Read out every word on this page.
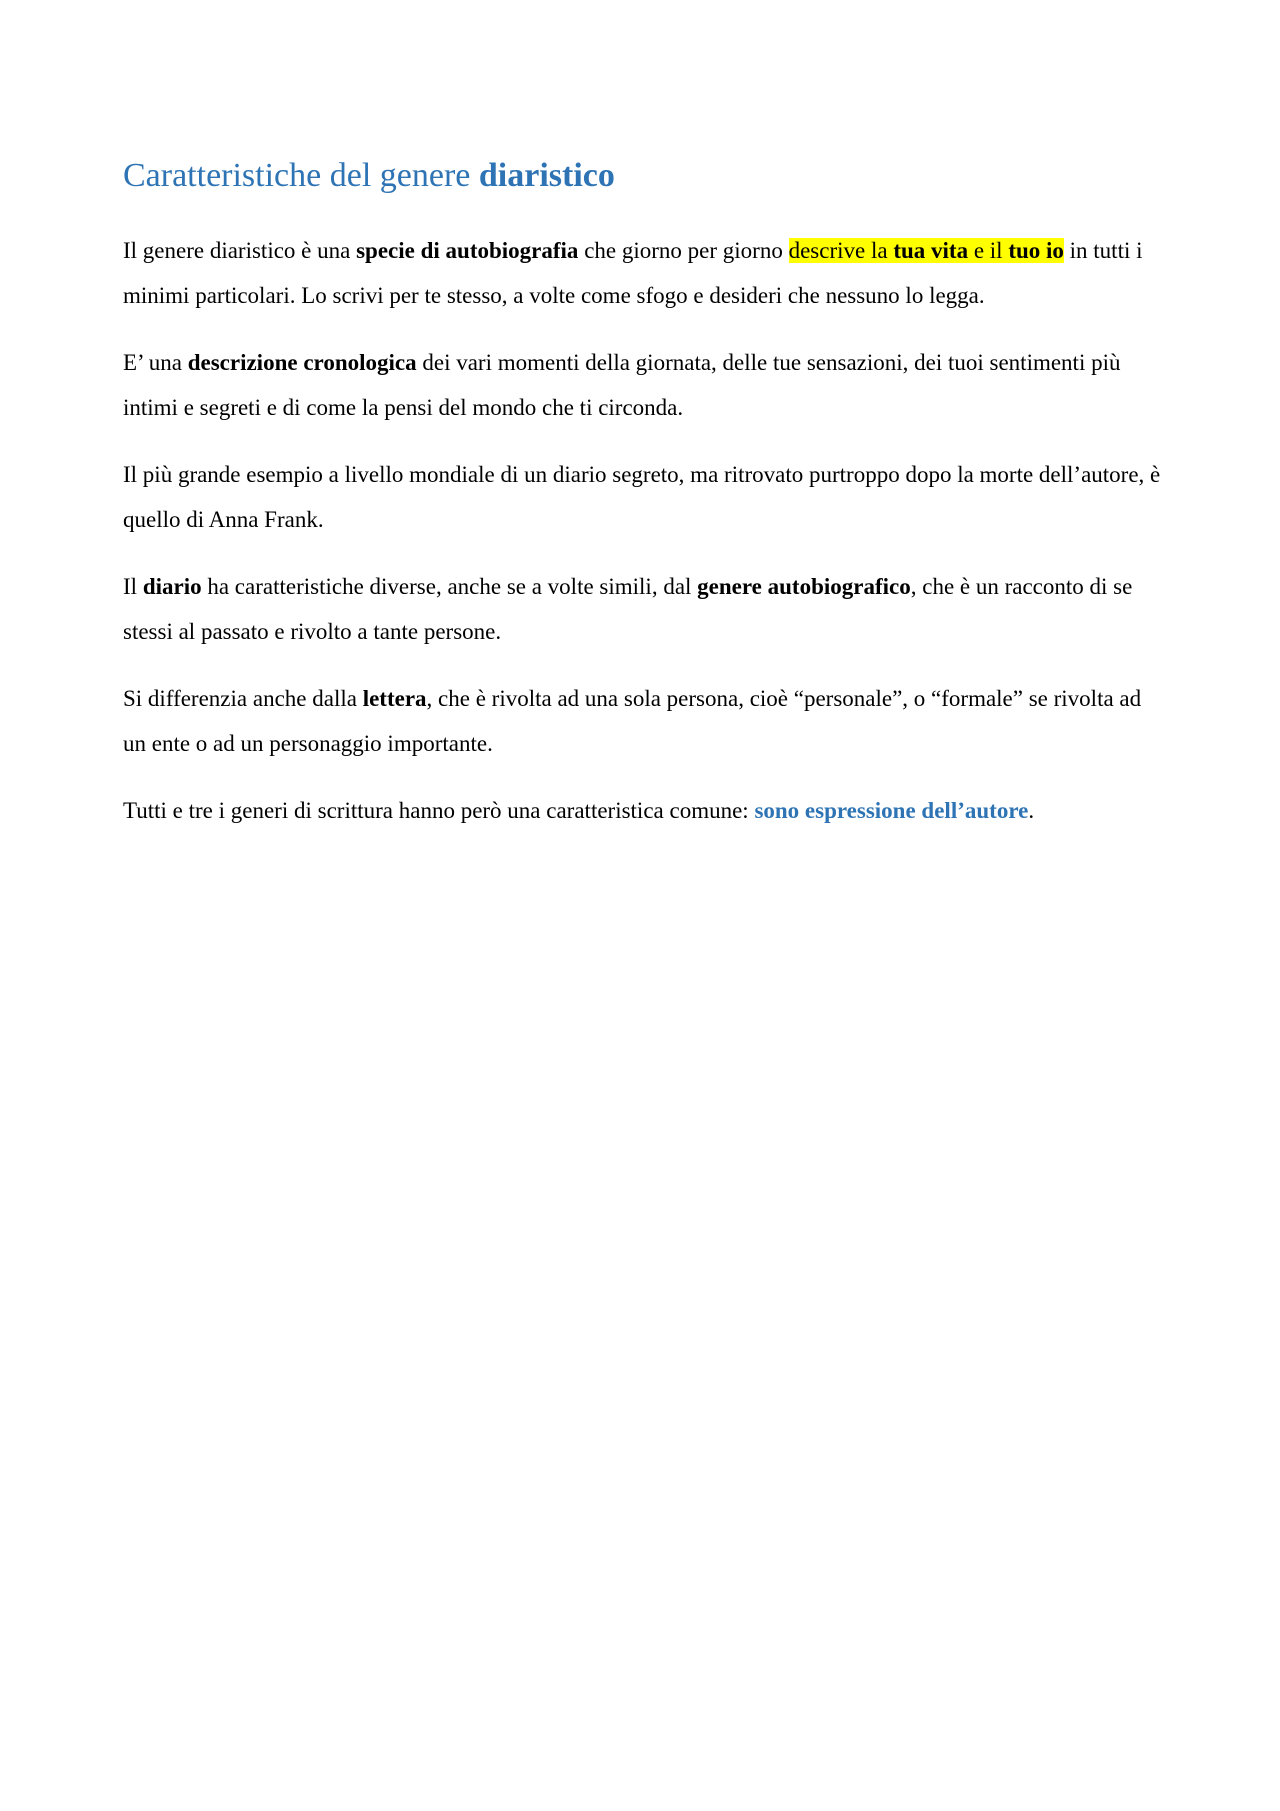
Caratteristiche del genere diaristico

Il genere diaristico è una specie di autobiografia che giorno per giorno descrive la tua vita e il tuo io in tutti i minimi particolari. Lo scrivi per te stesso, a volte come sfogo e desideri che nessuno lo legga.

E’ una descrizione cronologica dei vari momenti della giornata, delle tue sensazioni, dei tuoi sentimenti più intimi e segreti e di come la pensi del mondo che ti circonda.

Il più grande esempio a livello mondiale di un diario segreto, ma ritrovato purtroppo dopo la morte dell’autore, è quello di Anna Frank.

Il diario ha caratteristiche diverse, anche se a volte simili, dal genere autobiografico, che è un racconto di se stessi al passato e rivolto a tante persone.

Si differenzia anche dalla lettera, che è rivolta ad una sola persona, cioè “personale”, o “formale” se rivolta ad un ente o ad un personaggio importante.

Tutti e tre i generi di scrittura hanno però una caratteristica comune: sono espressione dell’autore.
